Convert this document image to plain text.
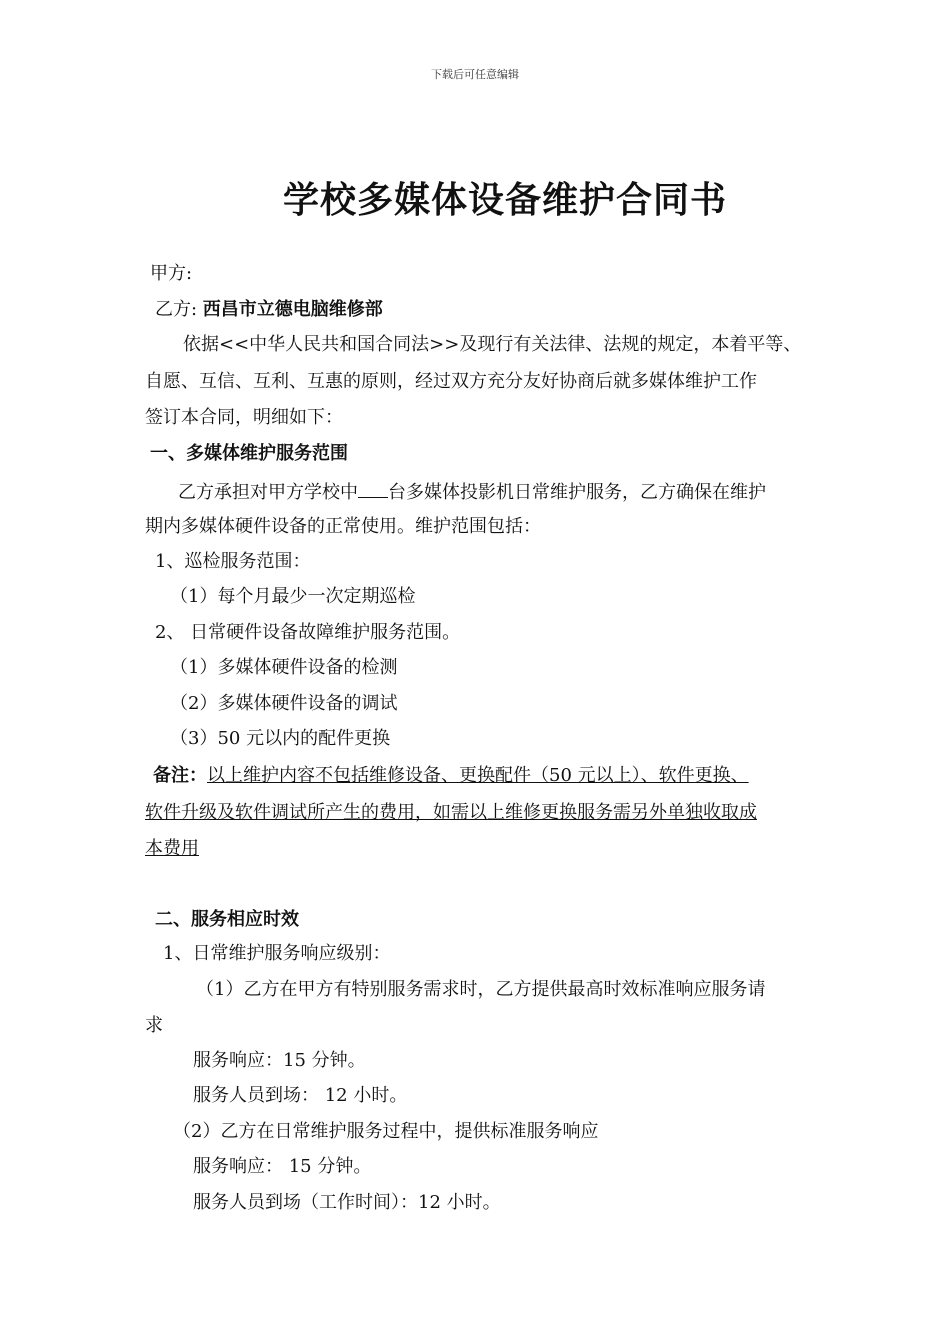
下载后可任意编辑
学校多媒体设备维护合同书
甲方:
乙方: 西昌市立德电脑维修部
依据<<中华人民共和国合同法>>及现行有关法律、法规的规定，本着平等、
自愿、互信、互利、互惠的原则，经过双方充分友好协商后就多媒体维护工作
签订本合同，明细如下：
一、多媒体维护服务范围
乙方承担对甲方学校中 台多媒体投影机日常维护服务，乙方确保在维护
期内多媒体硬件设备的正常使用。维护范围包括：
1、巡检服务范围：
（1）每个月最少一次定期巡检
2、 日常硬件设备故障维护服务范围。
（1）多媒体硬件设备的检测
（2）多媒体硬件设备的调试
（3）50 元以内的配件更换
备注：以上维护内容不包括维修设备、更换配件（50 元以上）、软件更换、
软件升级及软件调试所产生的费用，如需以上维修更换服务需另外单独收取成
本费用
二、服务相应时效
1、日常维护服务响应级别：
（1）乙方在甲方有特别服务需求时，乙方提供最高时效标准响应服务请
求
服务响应：15 分钟。
服务人员到场： 12 小时。
（2）乙方在日常维护服务过程中，提供标准服务响应
服务响应： 15 分钟。
服务人员到场（工作时间）：12 小时。
